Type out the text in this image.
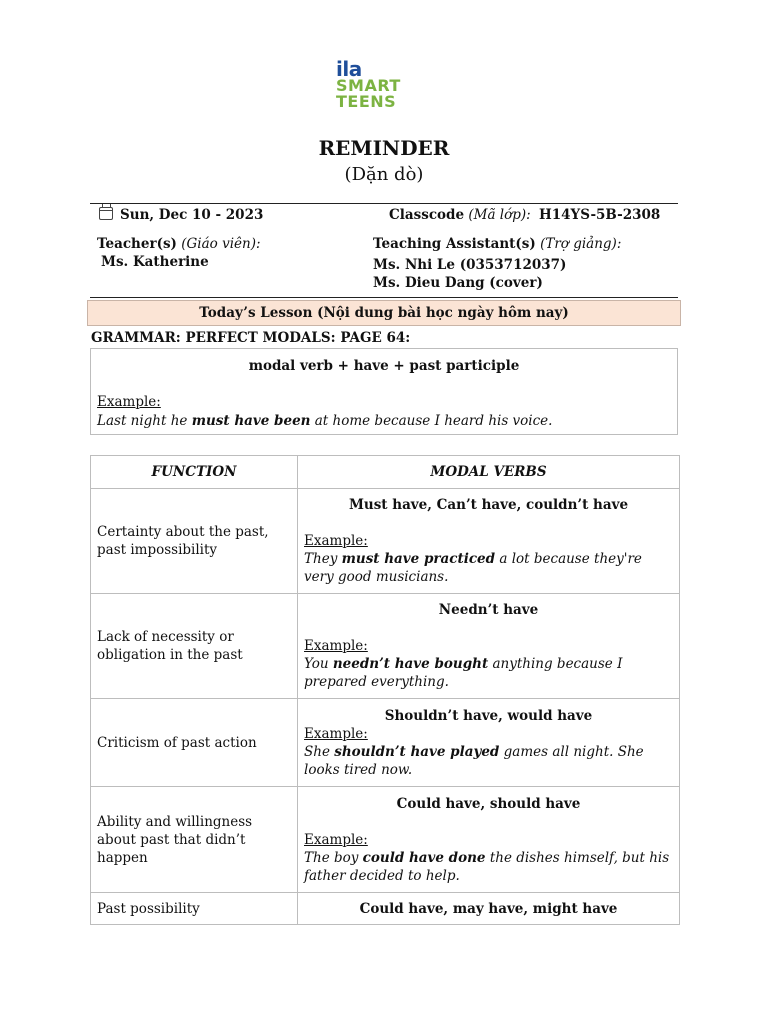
ila
SMART
TEENS
REMINDER
(Dặn dò)
Sun, Dec 10 - 2023	Classcode (Mã lớp): H14YS-5B-2308
Teacher(s) (Giáo viên):
Ms. Katherine
Teaching Assistant(s) (Trợ giảng):
Ms. Nhi Le (0353712037)
Ms. Dieu Dang (cover)
Today’s Lesson (Nội dung bài học ngày hôm nay)
GRAMMAR: PERFECT MODALS: PAGE 64:
modal verb + have + past participle
Example:
Last night he must have been at home because I heard his voice.
FUNCTION	MODAL VERBS
Certainty about the past, past impossibility	Must have, Can’t have, couldn’t have
Example:
They must have practiced a lot because they're very good musicians.

Lack of necessity or obligation in the past	Needn’t have
Example:
You needn’t have bought anything because I prepared everything.

Criticism of past action	Shouldn’t have, would have
Example:
She shouldn’t have played games all night. She looks tired now.

Ability and willingness about past that didn’t happen	Could have, should have
Example:
The boy could have done the dishes himself, but his father decided to help.

Past possibility	Could have, may have, might have
